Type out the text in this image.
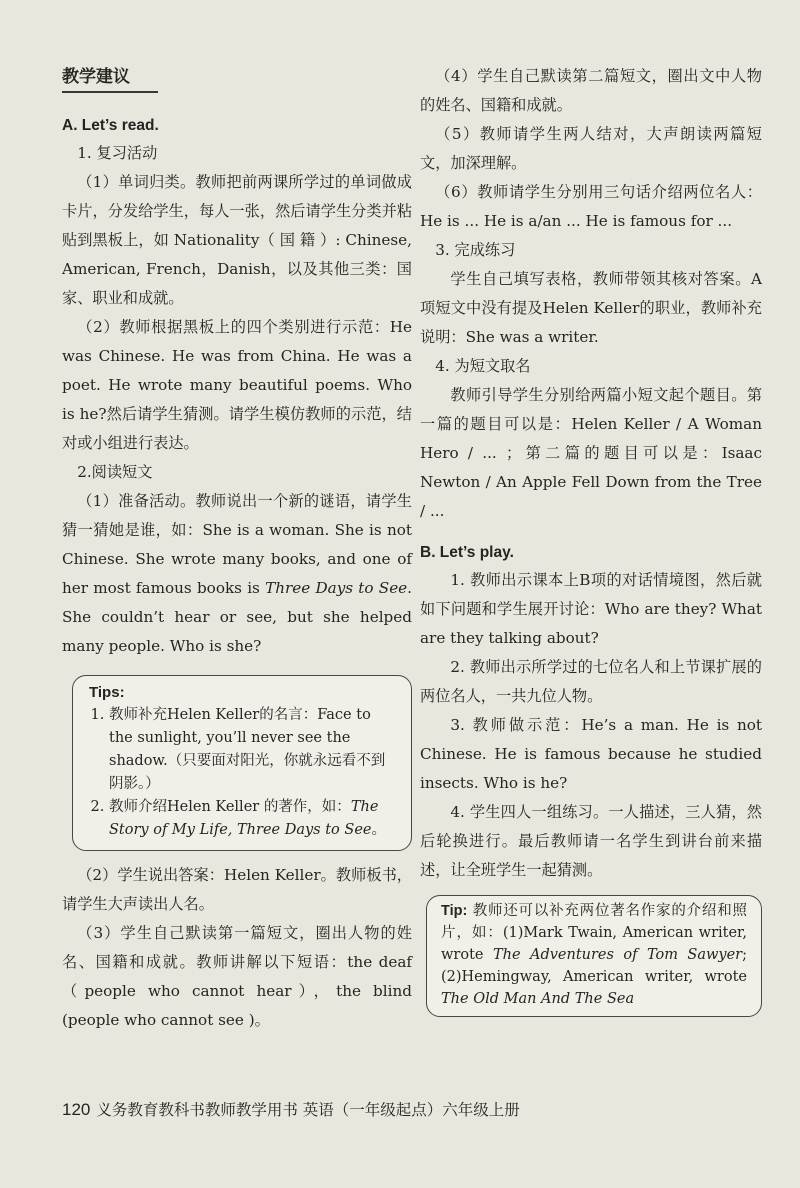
教学建议
A. Let’s read.

1. 复习活动

（1）单词归类。教师把前两课所学过的单词做成卡片，分发给学生，每人一张，然后请学生分类并粘贴到黑板上，如 Nationality（ 国 籍 ）: Chinese, American, French，Danish，以及其他三类：国家、职业和成就。

（2）教师根据黑板上的四个类别进行示范：He was Chinese. He was from China. He was a poet. He wrote many beautiful poems. Who is he?然后请学生猜测。请学生模仿教师的示范，结对或小组进行表达。

2.阅读短文

（1）准备活动。教师说出一个新的谜语，请学生猜一猜她是谁，如：She is a woman. She is not Chinese. She wrote many books, and one of her most famous books is Three Days to See. She couldn’t hear or see, but she helped many people. Who is she?

Tips:
1. 教师补充Helen Keller的名言：Face to the sunlight, you’ll never see the shadow.（只要面对阳光，你就永远看不到阴影。）
2. 教师介绍Helen Keller 的著作，如：The Story of My Life, Three Days to See。

（2）学生说出答案：Helen Keller。教师板书，请学生大声读出人名。

（3）学生自己默读第一篇短文，圈出人物的姓名、国籍和成就。教师讲解以下短语：the deaf（people who cannot hear），the blind (people who cannot see )。

（4）学生自己默读第二篇短文，圈出文中人物的姓名、国籍和成就。

（5）教师请学生两人结对，大声朗读两篇短文，加深理解。

（6）教师请学生分别用三句话介绍两位名人：He is ... He is a/an ... He is famous for ...

3. 完成练习

学生自己填写表格，教师带领其核对答案。A项短文中没有提及Helen Keller的职业，教师补充说明：She was a writer.

4. 为短文取名

教师引导学生分别给两篇小短文起个题目。第一篇的题目可以是：Helen Keller / A Woman Hero / ... ；第二篇的题目可以是：Isaac Newton / An Apple Fell Down from the Tree / ...

B. Let’s play.

1. 教师出示课本上B项的对话情境图，然后就如下问题和学生展开讨论：Who are they? What are they talking about?

2. 教师出示所学过的七位名人和上节课扩展的两位名人，一共九位人物。

3. 教师做示范：He’s a man. He is not Chinese. He is famous because he studied insects. Who is he?

4. 学生四人一组练习。一人描述，三人猜，然后轮换进行。最后教师请一名学生到讲台前来描述，让全班学生一起猜测。

Tip: 教师还可以补充两位著名作家的介绍和照片，如：(1)Mark Twain, American writer, wrote The Adventures of Tom Sawyer; (2)Hemingway, American writer, wrote The Old Man And The Sea

120 义务教育教科书教师教学用书 英语（一年级起点）六年级上册
